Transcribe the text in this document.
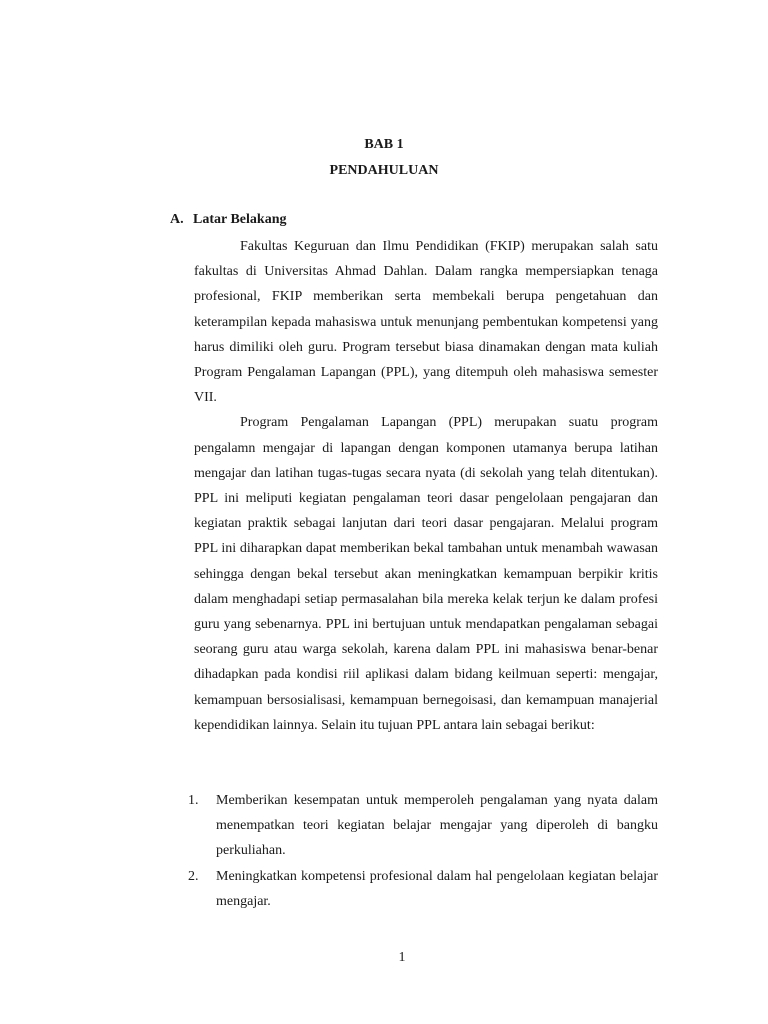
BAB 1
PENDAHULUAN
A. Latar Belakang

Fakultas Keguruan dan Ilmu Pendidikan (FKIP) merupakan salah satu fakultas di Universitas Ahmad Dahlan. Dalam rangka mempersiapkan tenaga profesional, FKIP memberikan serta membekali berupa pengetahuan dan keterampilan kepada mahasiswa untuk menunjang pembentukan kompetensi yang harus dimiliki oleh guru. Program tersebut biasa dinamakan dengan mata kuliah Program Pengalaman Lapangan (PPL), yang ditempuh oleh mahasiswa semester VII.

Program Pengalaman Lapangan (PPL) merupakan suatu program pengalamn mengajar di lapangan dengan komponen utamanya berupa latihan mengajar dan latihan tugas-tugas secara nyata (di sekolah yang telah ditentukan). PPL ini meliputi kegiatan pengalaman teori dasar pengelolaan pengajaran dan kegiatan praktik sebagai lanjutan dari teori dasar pengajaran. Melalui program PPL ini diharapkan dapat memberikan bekal tambahan untuk menambah wawasan sehingga dengan bekal tersebut akan meningkatkan kemampuan berpikir kritis dalam menghadapi setiap permasalahan bila mereka kelak terjun ke dalam profesi guru yang sebenarnya. PPL ini bertujuan untuk mendapatkan pengalaman sebagai seorang guru atau warga sekolah, karena dalam PPL ini mahasiswa benar-benar dihadapkan pada kondisi riil aplikasi dalam bidang keilmuan seperti: mengajar, kemampuan bersosialisasi, kemampuan bernegoisasi, dan kemampuan manajerial kependidikan lainnya. Selain itu tujuan PPL antara lain sebagai berikut:

1.	Memberikan kesempatan untuk memperoleh pengalaman yang nyata dalam menempatkan teori kegiatan belajar mengajar yang diperoleh di bangku perkuliahan.
2.	Meningkatkan kompetensi profesional dalam hal pengelolaan kegiatan belajar mengajar.
1
